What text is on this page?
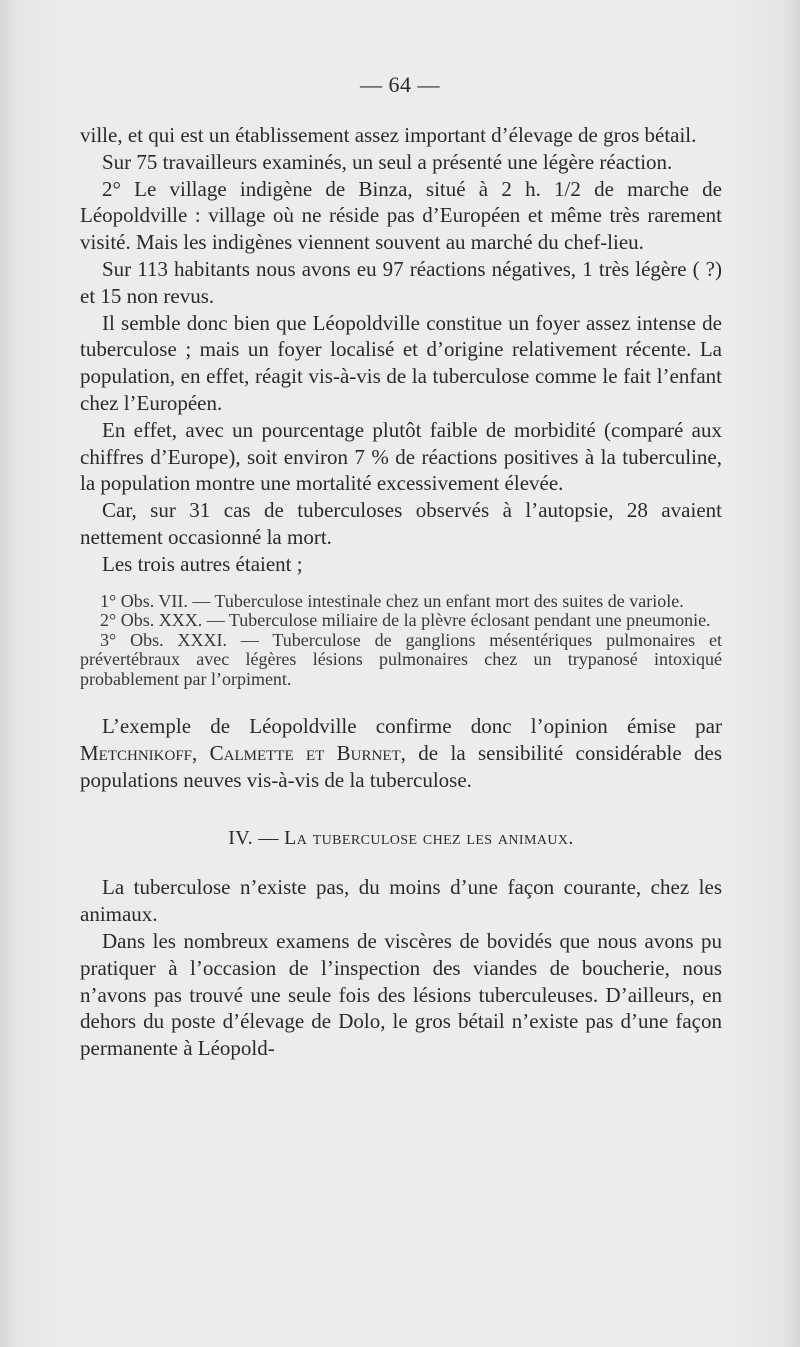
— 64 —

ville, et qui est un établissement assez important d’élevage de gros bétail.

Sur 75 travailleurs examinés, un seul a présenté une légère réaction.

2° Le village indigène de Binza, situé à 2 h. 1/2 de marche de Léopoldville : village où ne réside pas d’Européen et même très rarement visité. Mais les indigènes viennent souvent au marché du chef-lieu.

Sur 113 habitants nous avons eu 97 réactions négatives, 1 très légère ( ?) et 15 non revus.

Il semble donc bien que Léopoldville constitue un foyer assez intense de tuberculose ; mais un foyer localisé et d’origine relativement récente. La population, en effet, réagit vis-à-vis de la tuberculose comme le fait l’enfant chez l’Européen.

En effet, avec un pourcentage plutôt faible de morbidité (comparé aux chiffres d’Europe), soit environ 7 % de réactions positives à la tuberculine, la population montre une mortalité excessivement élevée.

Car, sur 31 cas de tuberculoses observés à l’autopsie, 28 avaient nettement occasionné la mort.

Les trois autres étaient ;

1° Obs. VII. — Tuberculose intestinale chez un enfant mort des suites de variole.

2° Obs. XXX. — Tuberculose miliaire de la plèvre éclosant pendant une pneumonie.

3° Obs. XXXI. — Tuberculose de ganglions mésentériques pulmonaires et prévertébraux avec légères lésions pulmonaires chez un trypanosé intoxiqué probablement par l’orpiment.

L’exemple de Léopoldville confirme donc l’opinion émise par Metchnikoff, Calmette et Burnet, de la sensibilité considérable des populations neuves vis-à-vis de la tuberculose.

IV. — La tuberculose chez les animaux.

La tuberculose n’existe pas, du moins d’une façon courante, chez les animaux.

Dans les nombreux examens de viscères de bovidés que nous avons pu pratiquer à l’occasion de l’inspection des viandes de boucherie, nous n’avons pas trouvé une seule fois des lésions tuberculeuses. D’ailleurs, en dehors du poste d’élevage de Dolo, le gros bétail n’existe pas d’une façon permanente à Léopold-
